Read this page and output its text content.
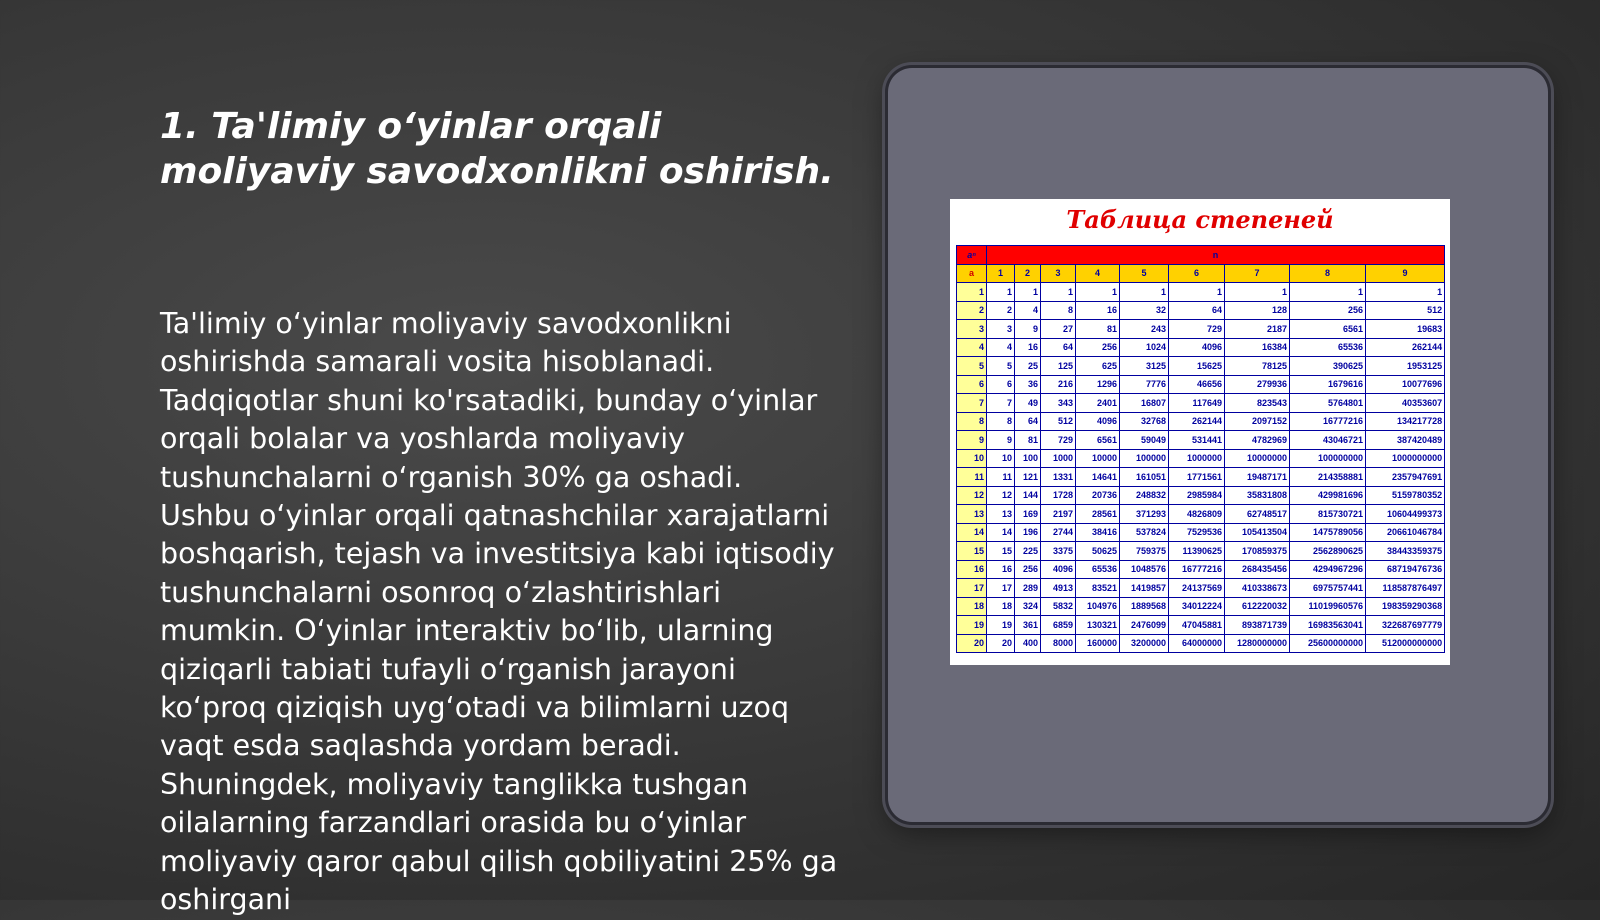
1. Ta'limiy o‘yinlar orqali moliyaviy savodxonlikni oshirish.

Ta'limiy o‘yinlar moliyaviy savodxonlikni oshirishda samarali vosita hisoblanadi. Tadqiqotlar shuni ko'rsatadiki, bunday o‘yinlar orqali bolalar va yoshlarda moliyaviy tushunchalarni o‘rganish 30% ga oshadi. Ushbu o‘yinlar orqali qatnashchilar xarajatlarni boshqarish, tejash va investitsiya kabi iqtisodiy tushunchalarni osonroq o‘zlashtirishlari mumkin. O‘yinlar interaktiv bo‘lib, ularning qiziqarli tabiati tufayli o‘rganish jarayoni ko‘proq qiziqish uyg‘otadi va bilimlarni uzoq vaqt esda saqlashda yordam beradi. Shuningdek, moliyaviy tanglikka tushgan oilalarning farzandlari orasida bu o‘yinlar moliyaviy qaror qabul qilish qobiliyatini 25% ga oshirgani

Таблица степеней
aⁿ	n								
a	1	2	3	4	5	6	7	8	9
1	1	1	1	1	1	1	1	1	1
2	2	4	8	16	32	64	128	256	512
3	3	9	27	81	243	729	2187	6561	19683
4	4	16	64	256	1024	4096	16384	65536	262144
5	5	25	125	625	3125	15625	78125	390625	1953125
6	6	36	216	1296	7776	46656	279936	1679616	10077696
7	7	49	343	2401	16807	117649	823543	5764801	40353607
8	8	64	512	4096	32768	262144	2097152	16777216	134217728
9	9	81	729	6561	59049	531441	4782969	43046721	387420489
10	10	100	1000	10000	100000	1000000	10000000	100000000	1000000000
11	11	121	1331	14641	161051	1771561	19487171	214358881	2357947691
12	12	144	1728	20736	248832	2985984	35831808	429981696	5159780352
13	13	169	2197	28561	371293	4826809	62748517	815730721	10604499373
14	14	196	2744	38416	537824	7529536	105413504	1475789056	20661046784
15	15	225	3375	50625	759375	11390625	170859375	2562890625	38443359375
16	16	256	4096	65536	1048576	16777216	268435456	4294967296	68719476736
17	17	289	4913	83521	1419857	24137569	410338673	6975757441	118587876497
18	18	324	5832	104976	1889568	34012224	612220032	11019960576	198359290368
19	19	361	6859	130321	2476099	47045881	893871739	16983563041	322687697779
20	20	400	8000	160000	3200000	64000000	1280000000	25600000000	512000000000
